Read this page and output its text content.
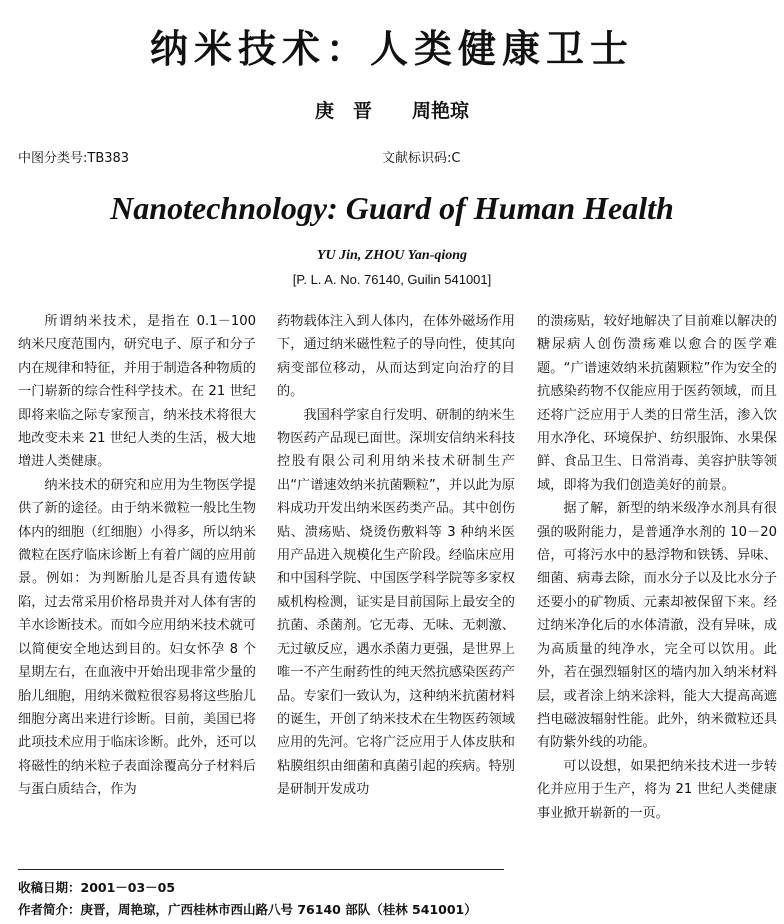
纳米技术：人类健康卫士
庚　晋 周艳琼
中图分类号:TB383	文献标识码:C
Nanotechnology: Guard of Human Health
YU Jin, ZHOU Yan-qiong
[P. L. A. No. 76140, Guilin 541001]

所谓纳米技术，是指在 0.1－100 纳米尺度范围内，研究电子、原子和分子内在规律和特征，并用于制造各种物质的一门崭新的综合性科学技术。在 21 世纪即将来临之际专家预言，纳米技术将很大地改变未来 21 世纪人类的生活，极大地增进人类健康。

纳米技术的研究和应用为生物医学提供了新的途径。由于纳米微粒一般比生物体内的细胞（红细胞）小得多，所以纳米微粒在医疗临床诊断上有着广阔的应用前景。例如：为判断胎儿是否具有遗传缺陷，过去常采用价格昂贵并对人体有害的羊水诊断技术。而如今应用纳米技术就可以简便安全地达到目的。妇女怀孕 8 个星期左右，在血液中开始出现非常少量的胎儿细胞，用纳米微粒很容易将这些胎儿细胞分离出来进行诊断。目前，美国已将此项技术应用于临床诊断。此外，还可以将磁性的纳米粒子表面涂覆高分子材料后与蛋白质结合，作为

药物载体注入到人体内，在体外磁场作用下，通过纳米磁性粒子的导向性，使其向病变部位移动，从而达到定向治疗的目的。

我国科学家自行发明、研制的纳米生物医药产品现已面世。深圳安信纳米科技控股有限公司利用纳米技术研制生产出“广谱速效纳米抗菌颗粒”，并以此为原料成功开发出纳米医药类产品。其中创伤贴、溃疡贴、烧烫伤敷料等 3 种纳米医用产品进入规模化生产阶段。经临床应用和中国科学院、中国医学科学院等多家权威机构检测，证实是目前国际上最安全的抗菌、杀菌剂。它无毒、无味、无刺激、无过敏反应，遇水杀菌力更强，是世界上唯一不产生耐药性的纯天然抗感染医药产品。专家们一致认为，这种纳米抗菌材料的诞生，开创了纳米技术在生物医药领域应用的先河。它将广泛应用于人体皮肤和粘膜组织由细菌和真菌引起的疾病。特别是研制开发成功

的溃疡贴，较好地解决了目前难以解决的糖尿病人创伤溃疡难以愈合的医学难题。“广谱速效纳米抗菌颗粒”作为安全的抗感染药物不仅能应用于医药领域，而且还将广泛应用于人类的日常生活，渗入饮用水净化、环境保护、纺织服饰、水果保鲜、食品卫生、日常消毒、美容护肤等领域，即将为我们创造美好的前景。

据了解，新型的纳米级净水剂具有很强的吸附能力，是普通净水剂的 10－20 倍，可将污水中的悬浮物和铁锈、异味、细菌、病毒去除，而水分子以及比水分子还要小的矿物质、元素却被保留下来。经过纳米净化后的水体清澈，没有异味，成为高质量的纯净水，完全可以饮用。此外，若在强烈辐射区的墙内加入纳米材料层，或者涂上纳米涂料，能大大提高高遮挡电磁波辐射性能。此外，纳米微粒还具有防紫外线的功能。

可以设想，如果把纳米技术进一步转化并应用于生产，将为 21 世纪人类健康事业掀开崭新的一页。

收稿日期：2001－03－05
作者简介：庚晋，周艳琼，广西桂林市西山路八号 76140 部队（桂林 541001）
